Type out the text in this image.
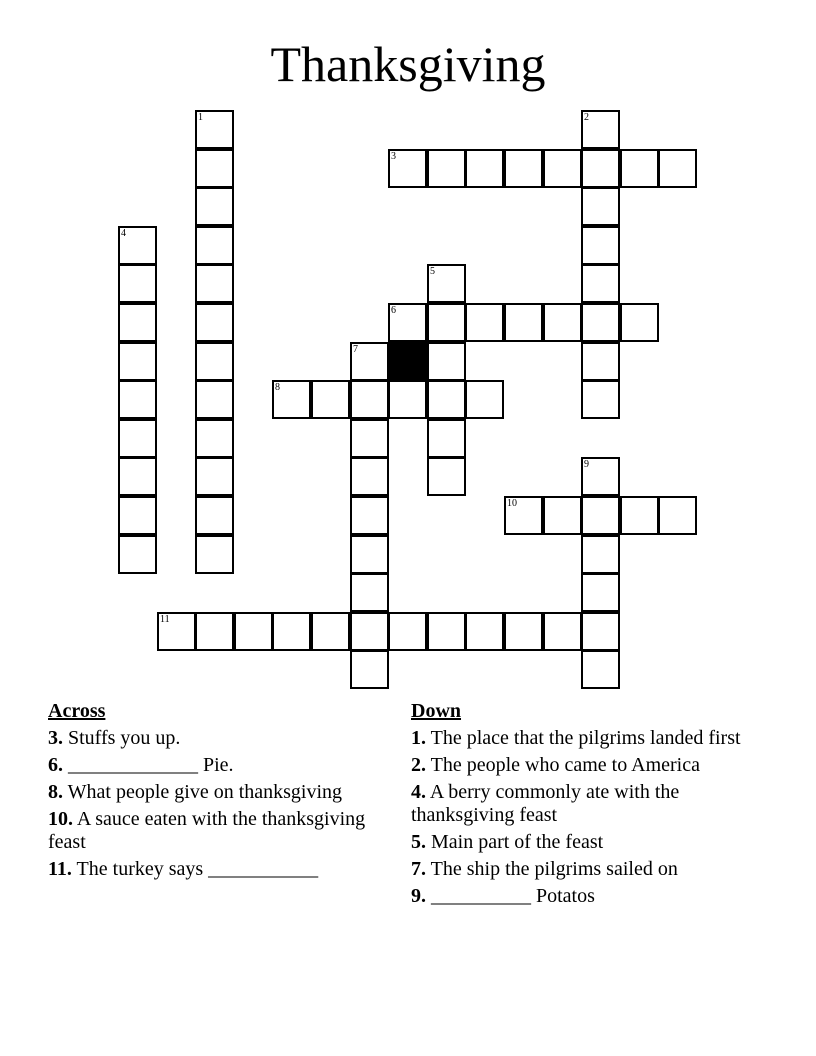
Thanksgiving
1	2
3
4
5
6
7
8
9
10
11
Across
3. Stuffs you up.
6. _____________ Pie.
8. What people give on thanksgiving
10. A sauce eaten with the thanksgiving feast
11. The turkey says ___________
Down
1. The place that the pilgrims landed first
2. The people who came to America
4. A berry commonly ate with the thanksgiving feast
5. Main part of the feast
7. The ship the pilgrims sailed on
9. __________ Potatos
